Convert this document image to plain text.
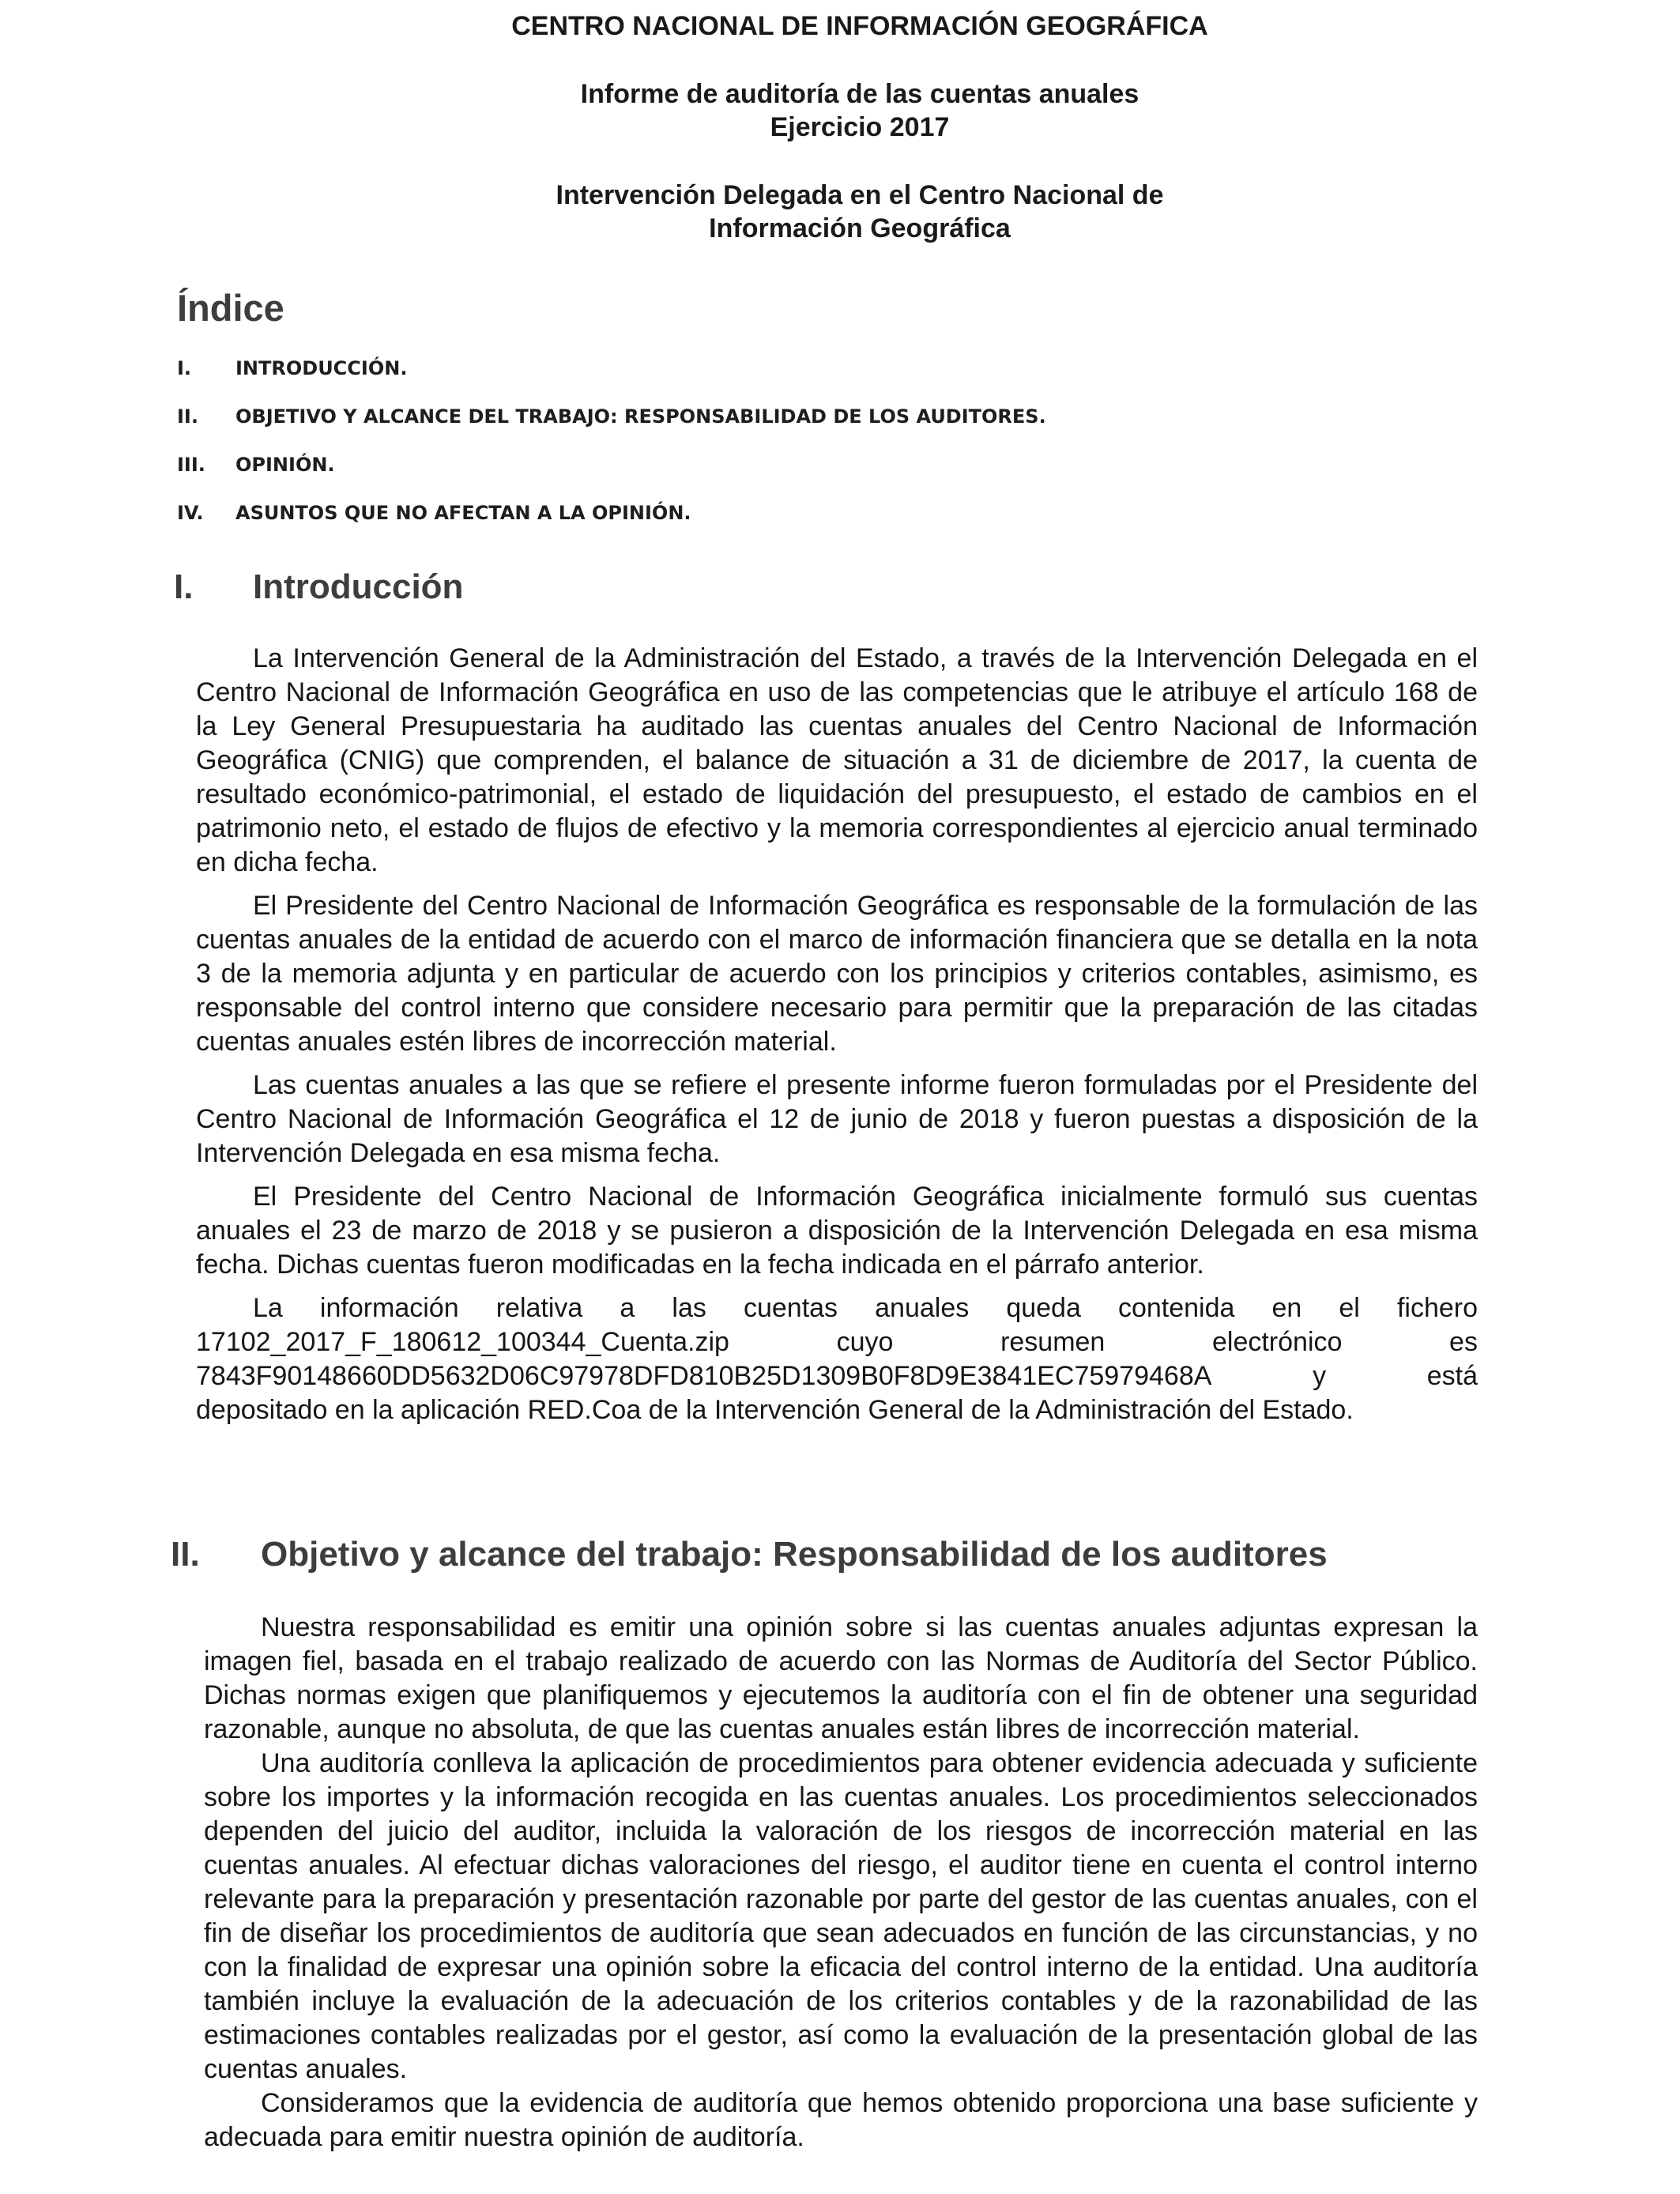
CENTRO NACIONAL DE INFORMACIÓN GEOGRÁFICA
Informe de auditoría de las cuentas anuales
Ejercicio 2017
Intervención Delegada en el Centro Nacional de
Información Geográfica
Índice
I.	INTRODUCCIÓN.
II.	OBJETIVO Y ALCANCE DEL TRABAJO: RESPONSABILIDAD DE LOS AUDITORES.
III.	OPINIÓN.
IV.	ASUNTOS QUE NO AFECTAN A LA OPINIÓN.
I. Introducción

La Intervención General de la Administración del Estado, a través de la Intervención Delegada en el Centro Nacional de Información Geográfica en uso de las competencias que le atribuye el artículo 168 de la Ley General Presupuestaria ha auditado las cuentas anuales del Centro Nacional de Información Geográfica (CNIG) que comprenden, el balance de situación a 31 de diciembre de 2017, la cuenta de resultado económico-patrimonial, el estado de liquidación del presupuesto, el estado de cambios en el patrimonio neto, el estado de flujos de efectivo y la memoria correspondientes al ejercicio anual terminado en dicha fecha.

El Presidente del Centro Nacional de Información Geográfica es responsable de la formulación de las cuentas anuales de la entidad de acuerdo con el marco de información financiera que se detalla en la nota 3 de la memoria adjunta y en particular de acuerdo con los principios y criterios contables, asimismo, es responsable del control interno que considere necesario para permitir que la preparación de las citadas cuentas anuales estén libres de incorrección material.

Las cuentas anuales a las que se refiere el presente informe fueron formuladas por el Presidente del Centro Nacional de Información Geográfica el 12 de junio de 2018 y fueron puestas a disposición de la Intervención Delegada en esa misma fecha.

El Presidente del Centro Nacional de Información Geográfica inicialmente formuló sus cuentas anuales el 23 de marzo de 2018 y se pusieron a disposición de la Intervención Delegada en esa misma fecha. Dichas cuentas fueron modificadas en la fecha indicada en el párrafo anterior.

La información relativa a las cuentas anuales queda contenida en el fichero
17102_2017_F_180612_100344_Cuenta.zip	cuyo	resumen	electrónico	es
7843F90148660DD5632D06C97978DFD810B25D1309B0F8D9E3841EC75979468A	y	está
depositado en la aplicación RED.Coa de la Intervención General de la Administración del Estado.

II. Objetivo y alcance del trabajo: Responsabilidad de los auditores

Nuestra responsabilidad es emitir una opinión sobre si las cuentas anuales adjuntas expresan la imagen fiel, basada en el trabajo realizado de acuerdo con las Normas de Auditoría del Sector Público. Dichas normas exigen que planifiquemos y ejecutemos la auditoría con el fin de obtener una seguridad razonable, aunque no absoluta, de que las cuentas anuales están libres de incorrección material.

Una auditoría conlleva la aplicación de procedimientos para obtener evidencia adecuada y suficiente sobre los importes y la información recogida en las cuentas anuales. Los procedimientos seleccionados dependen del juicio del auditor, incluida la valoración de los riesgos de incorrección material en las cuentas anuales. Al efectuar dichas valoraciones del riesgo, el auditor tiene en cuenta el control interno relevante para la preparación y presentación razonable por parte del gestor de las cuentas anuales, con el fin de diseñar los procedimientos de auditoría que sean adecuados en función de las circunstancias, y no con la finalidad de expresar una opinión sobre la eficacia del control interno de la entidad. Una auditoría también incluye la evaluación de la adecuación de los criterios contables y de la razonabilidad de las estimaciones contables realizadas por el gestor, así como la evaluación de la presentación global de las cuentas anuales.

Consideramos que la evidencia de auditoría que hemos obtenido proporciona una base suficiente y adecuada para emitir nuestra opinión de auditoría.
